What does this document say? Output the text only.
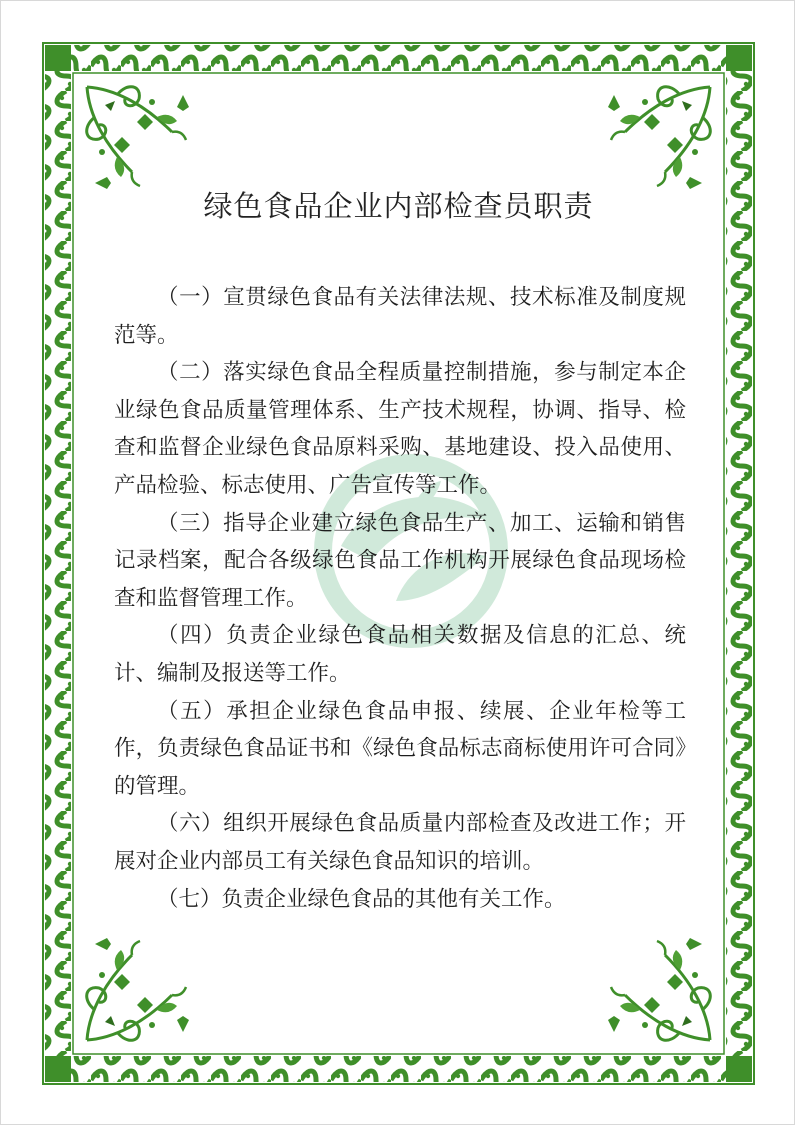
绿色食品企业内部检查员职责

（一）宣贯绿色食品有关法律法规、技术标准及制度规范等。

（二）落实绿色食品全程质量控制措施，参与制定本企业绿色食品质量管理体系、生产技术规程，协调、指导、检查和监督企业绿色食品原料采购、基地建设、投入品使用、产品检验、标志使用、广告宣传等工作。

（三）指导企业建立绿色食品生产、加工、运输和销售记录档案，配合各级绿色食品工作机构开展绿色食品现场检查和监督管理工作。

（四）负责企业绿色食品相关数据及信息的汇总、统计、编制及报送等工作。

（五）承担企业绿色食品申报、续展、企业年检等工作，负责绿色食品证书和《绿色食品标志商标使用许可合同》的管理。

（六）组织开展绿色食品质量内部检查及改进工作；开展对企业内部员工有关绿色食品知识的培训。

（七）负责企业绿色食品的其他有关工作。
